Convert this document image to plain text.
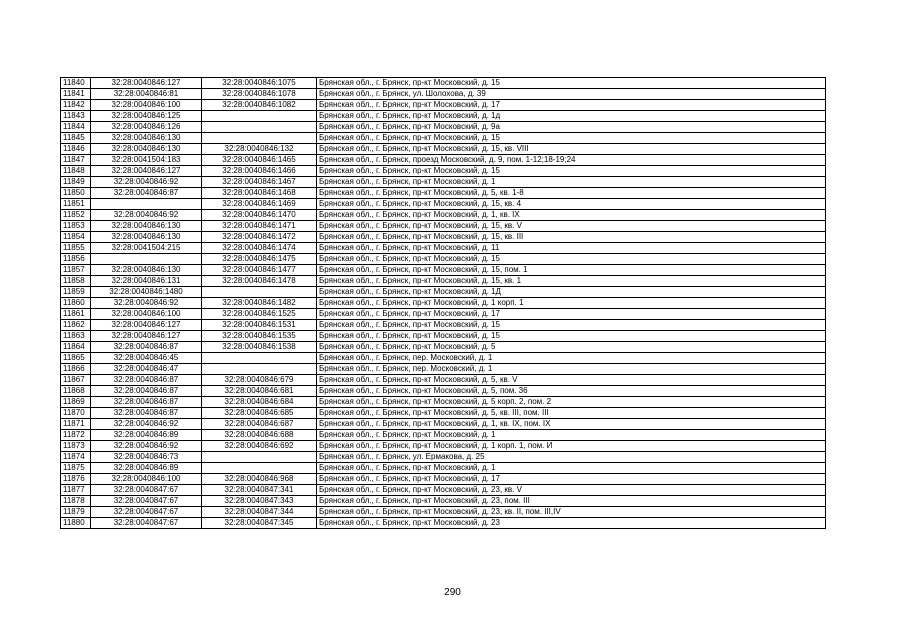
11840	32:28:0040846:127	32:28:0040846:1075	Брянская обл., г. Брянск, пр-кт Московский, д. 15
11841	32:28:0040846:81	32:28:0040846:1078	Брянская обл., г. Брянск, ул. Шолохова, д. 39
11842	32:28:0040846:100	32:28:0040846:1082	Брянская обл., г. Брянск, пр-кт Московский, д. 17
11843	32:28:0040846:125		Брянская обл., г. Брянск, пр-кт Московский, д. 1д
11844	32:28:0040846:126		Брянская обл., г. Брянск, пр-кт Московский, д. 9а
11845	32:28:0040846:130		Брянская обл., г. Брянск, пр-кт Московский, д. 15
11846	32:28:0040846:130	32:28:0040846:132	Брянская обл., г. Брянск, пр-кт Московский, д. 15, кв. VIII
11847	32:28:0041504:183	32:28:0040846:1465	Брянская обл., г. Брянск, проезд Московский, д. 9, пом. 1-12;18-19;24
11848	32:28:0040846:127	32:28:0040846:1466	Брянская обл., г. Брянск, пр-кт Московский, д. 15
11849	32:28:0040846:92	32:28:0040846:1467	Брянская обл., г. Брянск, пр-кт Московский, д. 1
11850	32:28:0040846:87	32:28:0040846:1468	Брянская обл., г. Брянск, пр-кт Московский, д. 5, кв. 1-8
11851		32:28:0040846:1469	Брянская обл., г. Брянск, пр-кт Московский, д. 15, кв. 4
11852	32:28:0040846:92	32:28:0040846:1470	Брянская обл., г. Брянск, пр-кт Московский, д. 1, кв. IX
11853	32:28:0040846:130	32:28:0040846:1471	Брянская обл., г. Брянск, пр-кт Московский, д. 15, кв. V
11854	32:28:0040846:130	32:28:0040846:1472	Брянская обл., г. Брянск, пр-кт Московский, д. 15, кв. III
11855	32:28:0041504:215	32:28:0040846:1474	Брянская обл., г. Брянск, пр-кт Московский, д. 11
11856		32:28:0040846:1475	Брянская обл., г. Брянск, пр-кт Московский, д. 15
11857	32:28:0040846:130	32:28:0040846:1477	Брянская обл., г. Брянск, пр-кт Московский, д. 15, пом. 1
11858	32:28:0040846:131	32:28:0040846:1478	Брянская обл., г. Брянск, пр-кт Московский, д. 15, кв. 1
11859	32:28:0040846:1480		Брянская обл., г. Брянск, пр-кт Московский, д. 1Д
11860	32:28:0040846:92	32:28:0040846:1482	Брянская обл., г. Брянск, пр-кт Московский, д. 1 корп. 1
11861	32:28:0040846:100	32:28:0040846:1525	Брянская обл., г. Брянск, пр-кт Московский, д. 17
11862	32:28:0040846:127	32:28:0040846:1531	Брянская обл., г. Брянск, пр-кт Московский, д. 15
11863	32:28:0040846:127	32:28:0040846:1535	Брянская обл., г. Брянск, пр-кт Московский, д. 15
11864	32:28:0040846:87	32:28:0040846:1538	Брянская обл., г. Брянск, пр-кт Московский, д. 5
11865	32:28:0040846:45		Брянская обл., г. Брянск, пер. Московский, д. 1
11866	32:28:0040846:47		Брянская обл., г. Брянск, пер. Московский, д. 1
11867	32:28:0040846:87	32:28:0040846:679	Брянская обл., г. Брянск, пр-кт Московский, д. 5, кв. V
11868	32:28:0040846:87	32:28:0040846:681	Брянская обл., г. Брянск, пр-кт Московский, д. 5, пом. 36
11869	32:28:0040846:87	32:28:0040846:684	Брянская обл., г. Брянск, пр-кт Московский, д. 5 корп. 2, пом. 2
11870	32:28:0040846:87	32:28:0040846:685	Брянская обл., г. Брянск, пр-кт Московский, д. 5, кв. III, пом. III
11871	32:28:0040846:92	32:28:0040846:687	Брянская обл., г. Брянск, пр-кт Московский, д. 1, кв. IX, пом. IX
11872	32:28:0040846:89	32:28:0040846:688	Брянская обл., г. Брянск, пр-кт Московский, д. 1
11873	32:28:0040846:92	32:28:0040846:692	Брянская обл., г. Брянск, пр-кт Московский, д. 1 корп. 1, пом. И
11874	32:28:0040846:73		Брянская обл., г. Брянск, ул. Ермакова, д. 25
11875	32:28:0040846:89		Брянская обл., г. Брянск, пр-кт Московский, д. 1
11876	32:28:0040846:100	32:28:0040846:968	Брянская обл., г. Брянск, пр-кт Московский, д. 17
11877	32:28:0040847:67	32:28:0040847:341	Брянская обл., г. Брянск, пр-кт Московский, д. 23, кв. V
11878	32:28:0040847:67	32:28:0040847:343	Брянская обл., г. Брянск, пр-кт Московский, д. 23, пом. III
11879	32:28:0040847:67	32:28:0040847:344	Брянская обл., г. Брянск, пр-кт Московский, д. 23, кв. II, пом. III,IV
11880	32:28:0040847:67	32:28:0040847:345	Брянская обл., г. Брянск, пр-кт Московский, д. 23
290
